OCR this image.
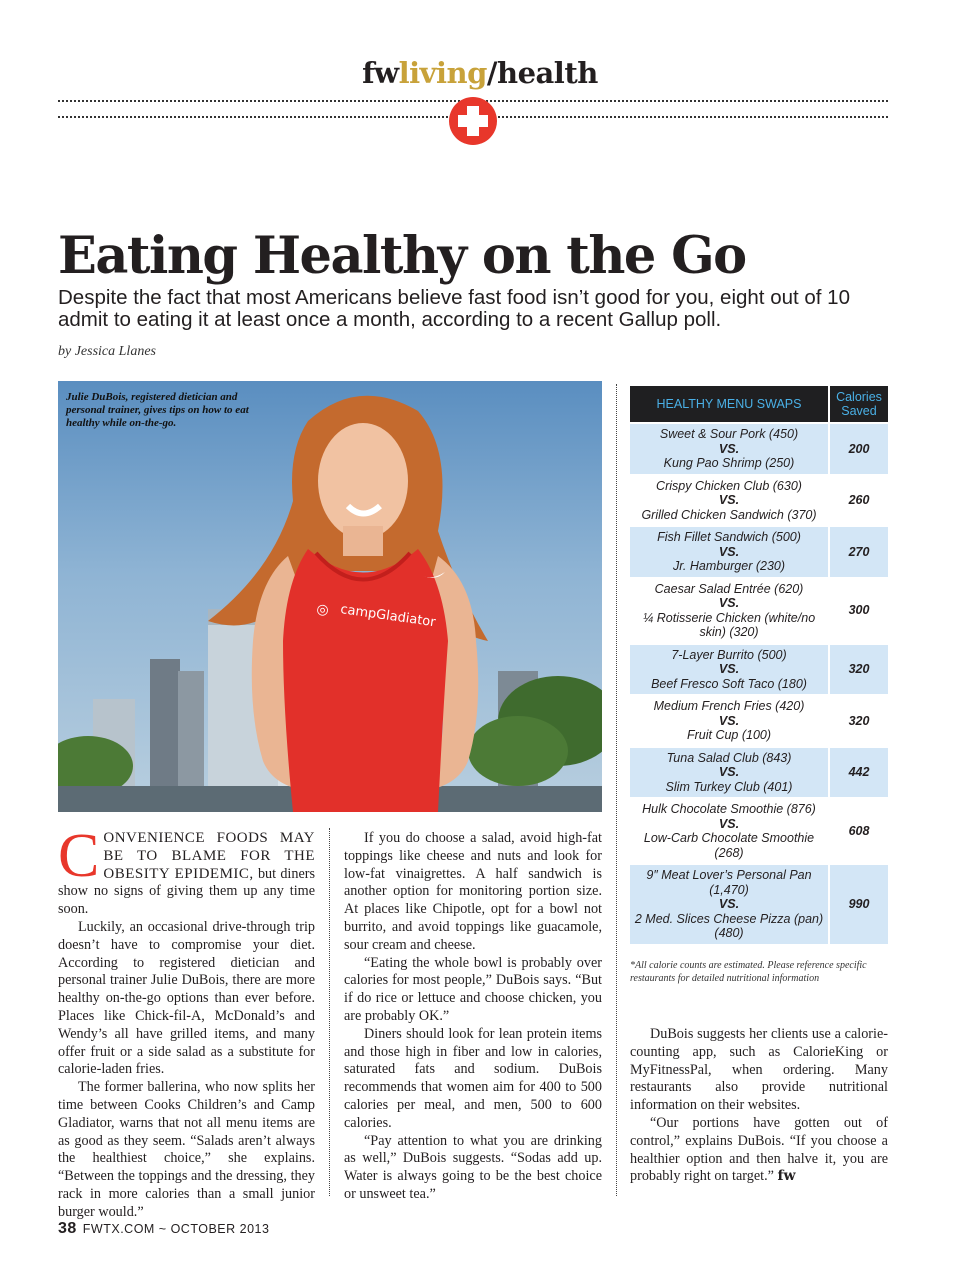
fwliving/health
Eating Healthy on the Go
Despite the fact that most Americans believe fast food isn’t good for you, eight out of 10 admit to eating it at least once a month, according to a recent Gallup poll.
by Jessica Llanes
◎ campGladiator
Julie DuBois, registered dietician and personal trainer, gives tips on how to eat healthy while on-the-go.

CONVENIENCE FOODS MAY BE TO BLAME FOR THE OBESITY EPIDEMIC, but diners show no signs of giving them up any time soon.

Luckily, an occasional drive-through trip doesn’t have to compromise your diet. According to registered dietician and personal trainer Julie DuBois, there are more healthy on-the-go options than ever before. Places like Chick-fil-A, McDonald’s and Wendy’s all have grilled items, and many offer fruit or a side salad as a substitute for calorie-laden fries.

The former ballerina, who now splits her time between Cooks Children’s and Camp Gladiator, warns that not all menu items are as good as they seem. “Salads aren’t always the healthiest choice,” she explains. “Between the toppings and the dressing, they rack in more calories than a small junior burger would.”

If you do choose a salad, avoid high-fat toppings like cheese and nuts and look for low-fat vinaigrettes. A half sandwich is another option for monitoring portion size. At places like Chipotle, opt for a bowl not burrito, and avoid toppings like guacamole, sour cream and cheese.

“Eating the whole bowl is probably over calories for most people,” DuBois says. “But if do rice or lettuce and choose chicken, you are probably OK.”

Diners should look for lean protein items and those high in fiber and low in calories, saturated fats and sodium. DuBois recommends that women aim for 400 to 500 calories per meal, and men, 500 to 600 calories.

“Pay attention to what you are drinking as well,” DuBois suggests. “Sodas add up. Water is always going to be the best choice or unsweet tea.”

HEALTHY MENU SWAPS	Calories Saved

Sweet & Sour Pork (450)
VS.
Kung Pao Shrimp (250)	200

Crispy Chicken Club (630)
VS.
Grilled Chicken Sandwich (370)	260

Fish Fillet Sandwich (500)
VS.
Jr. Hamburger (230)	270

Caesar Salad Entrée (620)
VS.
¼ Rotisserie Chicken (white/no skin) (320)	300

7-Layer Burrito (500)
VS.
Beef Fresco Soft Taco (180)	320

Medium French Fries (420)
VS.
Fruit Cup (100)	320

Tuna Salad Club (843)
VS.
Slim Turkey Club (401)	442

Hulk Chocolate Smoothie (876)
VS.
Low-Carb Chocolate Smoothie (268)	608

9″ Meat Lover’s Personal Pan (1,470)
VS.
2 Med. Slices Cheese Pizza (pan) (480)	990
*All calorie counts are estimated. Please reference specific restaurants for detailed nutritional information

DuBois suggests her clients use a calorie-counting app, such as CalorieKing or MyFitnessPal, when ordering. Many restaurants also provide nutritional information on their websites.

“Our portions have gotten out of control,” explains DuBois. “If you choose a healthier option and then halve it, you are probably right on target.” fw

38 FWTX.COM ~ OCTOBER 2013
